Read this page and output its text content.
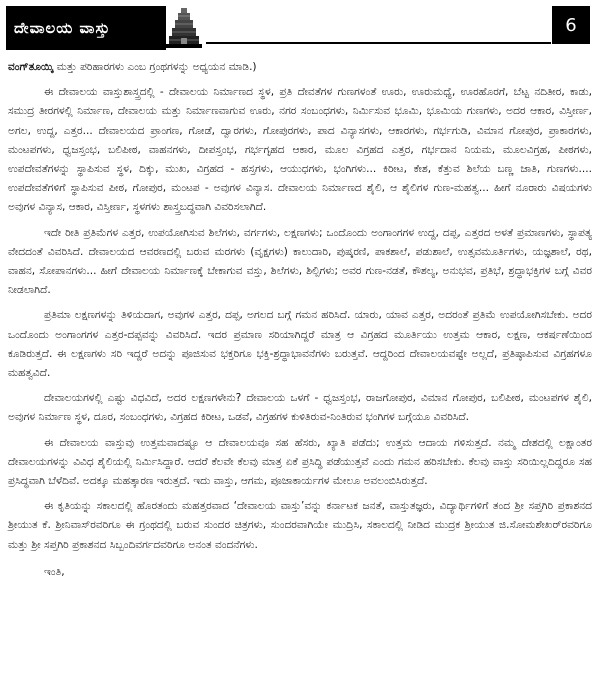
ದೇವಾಲಯ ವಾಸ್ತು	6

ವಂಗ್‌ತೂಯ್ಕಿ ಮತ್ತು ಪರಿಹಾರಗಳು ಎಂಬ ಗ್ರಂಥಗಳನ್ನು ಅಧ್ಯಯನ ಮಾಡಿ.)

ಈ ದೇವಾಲಯ ವಾಸ್ತುಶಾಸ್ತ್ರದಲ್ಲಿ - ದೇವಾಲಯ ನಿರ್ಮಾಣದ ಸ್ಥಳ, ಪ್ರತಿ ದೇವತೆಗಳ ಗುಣಗಳಂತೆ ಊರು, ಊರುಮಧ್ಯೆ, ಊರಹೊರಗೆ, ಬೆಟ್ಟ ನದಿತೀರ, ಕಾಡು, ಸಮುದ್ರ ತೀರಗಳಲ್ಲಿ ನಿರ್ಮಾಣ, ದೇವಾಲಯ ಮತ್ತು ನಿರ್ಮಾಣವಾಗುವ ಊರು, ನಗರ ಸಂಬಂಧಗಳು, ನಿರ್ಮಿಸುವ ಭೂಮಿ, ಭೂಮಿಯ ಗುಣಗಳು, ಅದರ ಆಕಾರ, ವಿಸ್ತೀರ್ಣ, ಅಗಲ, ಉದ್ದ, ಎತ್ತರ... ದೇವಾಲಯದ ಪ್ರಾಂಗಣ, ಗೋಡೆ, ದ್ವಾರಗಳು, ಗೋಪುರಗಳು, ಪಾದ ವಿನ್ಯಾಸಗಳು, ಆಕಾರಗಳು, ಗರ್ಭಗುಡಿ, ವಿಮಾನ ಗೋಪುರ, ಪ್ರಾಕಾರಗಳು, ಮಂಟಪಗಳು, ಧ್ವಜಸ್ತಂಭ, ಬಲಿಪೀಠ, ವಾಹನಗಳು, ದೀಪಸ್ತಂಭ, ಗರ್ಭಗೃಹದ ಆಕಾರ, ಮೂಲ ವಿಗ್ರಹದ ಎತ್ತರ, ಗರ್ಭದಾನ ನಿಯಮ, ಮೂಲವಿಗ್ರಹ, ಪೀಠಗಳು, ಉಪದೇವತೆಗಳನ್ನು ಸ್ಥಾಪಿಸುವ ಸ್ಥಳ, ದಿಕ್ಕು, ಮುಖ, ವಿಗ್ರಹದ - ಹಸ್ತಗಳು, ಆಯುಧಗಳು, ಭಂಗಿಗಳು... ಕಿರೀಟ, ಕೇಶ, ಕೆತ್ತುವ ಶಿಲೆಯ ಬಣ್ಣ ಜಾತಿ, ಗುಣಗಳು.... ಉಪದೇವತೆಗಳಿಗೆ ಸ್ಥಾಪಿಸುವ ಪೀಠ, ಗೋಪುರ, ಮಂಟಪ - ಅವುಗಳ ವಿನ್ಯಾಸ. ದೇವಾಲಯ ನಿರ್ಮಾಣದ ಶೈಲಿ, ಆ ಶೈಲಿಗಳ ಗುಣ-ಮಹತ್ವ... ಹೀಗೆ ನೂರಾರು ವಿಷಯಗಳು ಅವುಗಳ ವಿನ್ಯಾಸ, ಆಕಾರ, ವಿಸ್ತೀರ್ಣ, ಸ್ಥಳಗಳು ಶಾಸ್ತ್ರಬದ್ಧವಾಗಿ ವಿವರಿಸಲಾಗಿದೆ.

ಇದೇ ರೀತಿ ಪ್ರತಿಮೆಗಳ ಎತ್ತರ, ಉಪಯೋಗಿಸುವ ಶಿಲೆಗಳು, ವರ್ಗಗಳು, ಲಕ್ಷಣಗಳು; ಒಂದೊಂದು ಅಂಗಾಂಗಗಳ ಉದ್ದ, ದಪ್ಪ, ಎತ್ತರದ ಅಳತೆ ಪ್ರಮಾಣಗಳು, ಸ್ಥಾಪತ್ಯ ವೇದದಂತೆ ವಿವರಿಸಿದೆ. ದೇವಾಲಯದ ಆವರಣದಲ್ಲಿ ಬರುವ ಮರಗಳು (ವೃಕ್ಷಗಳು) ಕಾಲುದಾರಿ, ಪುಷ್ಕರಣಿ, ಪಾಕಶಾಲೆ, ಪಡುಶಾಲೆ, ಉತ್ಸವಮೂರ್ತಿಗಳು, ಯಜ್ಞಶಾಲೆ, ರಥ, ವಾಹನ, ಸೋಪಾನಗಳು... ಹೀಗೆ ದೇವಾಲಯ ನಿರ್ಮಾಣಕ್ಕೆ ಬೇಕಾಗುವ ವಸ್ತು, ಶಿಲೆಗಳು, ಶಿಲ್ಪಿಗಳು; ಅವರ ಗುಣ-ನಡತೆ, ಕೌಶಲ್ಯ, ಅನುಭವ, ಪ್ರತಿಭೆ, ಶ್ರದ್ಧಾಭಕ್ತಿಗಳ ಬಗ್ಗೆ ವಿವರ ನೀಡಲಾಗಿದೆ.

ಪ್ರತಿಮಾ ಲಕ್ಷಣಗಳನ್ನು ತಿಳಿಯದಾಗ, ಅವುಗಳ ಎತ್ತರ, ದಪ್ಪ, ಅಗಲದ ಬಗ್ಗೆ ಗಮನ ಹರಿಸಿದೆ. ಯಾರು, ಯಾವ ಎತ್ತರ, ಅದರಂತೆ ಪ್ರತಿಮೆ ಉಪಯೋಗಿಸಬೇಕು. ಅದರ ಒಂದೊಂದು ಅಂಗಾಂಗಗಳ ಎತ್ತರ-ದಪ್ಪವನ್ನು ವಿವರಿಸಿದೆ. ಇದರ ಪ್ರಮಾಣ ಸರಿಯಾಗಿದ್ದರೆ ಮಾತ್ರ ಆ ವಿಗ್ರಹದ ಮೂರ್ತಿಯು ಉತ್ತಮ ಆಕಾರ, ಲಕ್ಷಣ, ಆಕರ್ಷಣೆಯಿಂದ ಕೂಡಿರುತ್ತದೆ. ಈ ಲಕ್ಷಣಗಳು ಸರಿ ಇದ್ದರೆ ಅದನ್ನು ಪೂಜಿಸುವ ಭಕ್ತರಿಗೂ ಭಕ್ತಿ-ಶ್ರದ್ಧಾಭಾವನೆಗಳು ಬರುತ್ತವೆ. ಆದ್ದರಿಂದ ದೇವಾಲಯವಷ್ಟೇ ಅಲ್ಲದೆ, ಪ್ರತಿಷ್ಠಾಪಿಸುವ ವಿಗ್ರಹಗಳೂ ಮಹತ್ವವಿದೆ.

ದೇವಾಲಯಗಳಲ್ಲಿ ಎಷ್ಟು ವಿಧವಿದೆ, ಅದರ ಲಕ್ಷಣಗಳೇನು? ದೇವಾಲಯ ಒಳಗೆ - ಧ್ವಜಸ್ತಂಭ, ರಾಜಗೋಪುರ, ವಿಮಾನ ಗೋಪುರ, ಬಲಿಪೀಠ, ಮಂಟಪಗಳ ಶೈಲಿ, ಅವುಗಳ ನಿರ್ಮಾಣ ಸ್ಥಳ, ದೂರ, ಸಂಬಂಧಗಳು, ವಿಗ್ರಹದ ಕಿರೀಟ, ಒಡವೆ, ವಿಗ್ರಹಗಳ ಕುಳಿತಿರುವ-ನಿಂತಿರುವ ಭಂಗಿಗಳ ಬಗ್ಗೆಯೂ ವಿವರಿಸಿದೆ.

ಈ ದೇವಾಲಯ ವಾಸ್ತುವು ಉತ್ತಮವಾದಷ್ಟೂ ಆ ದೇವಾಲಯವೂ ಸಹ ಹೆಸರು, ಖ್ಯಾತಿ ಪಡೆದು; ಉತ್ತಮ ಆದಾಯ ಗಳಿಸುತ್ತದೆ. ನಮ್ಮ ದೇಶದಲ್ಲಿ ಲಕ್ಷಾಂತರ ದೇವಾಲಯಗಳನ್ನು ವಿವಿಧ ಶೈಲಿಯಲ್ಲಿ ನಿರ್ಮಿಸಿದ್ದಾರೆ. ಆದರೆ ಕೆಲವೇ ಕೆಲವು ಮಾತ್ರ ಏಕೆ ಪ್ರಸಿದ್ಧಿ ಪಡೆಯುತ್ತವೆ ಎಂದು ಗಮನ ಹರಿಸಬೇಕು. ಕೆಲವು ವಾಸ್ತು ಸರಿಯಿಲ್ಲದಿದ್ದರೂ ಸಹ ಪ್ರಸಿದ್ಧವಾಗಿ ಬೆಳೆದಿವೆ. ಅದಕ್ಕೂ ಮಹತ್ಕಾರಣ ಇರುತ್ತದೆ. ಇದು ವಾಸ್ತು, ಆಗಮ, ಪೂಜಾಕಾರ್ಯಗಳ ಮೇಲೂ ಅವಲಂಬಿಸಿರುತ್ತದೆ.

ಈ ಕೃತಿಯನ್ನು ಸಕಾಲದಲ್ಲಿ ಹೊರತಂದು ಮಹತ್ತರವಾದ ‘ದೇವಾಲಯ ವಾಸ್ತು’ವನ್ನು ಕರ್ನಾಟಕ ಜನತೆ, ವಾಸ್ತುತಜ್ಞರು, ವಿದ್ಯಾರ್ಥಿಗಳಿಗೆ ತಂದ ಶ್ರೀ ಸಪ್ತಗಿರಿ ಪ್ರಕಾಶನದ ಶ್ರೀಯುತ ಕೆ. ಶ್ರೀನಿವಾಸ್‌ರವರಿಗೂ ಈ ಗ್ರಂಥದಲ್ಲಿ ಬರುವ ಸುಂದರ ಚಿತ್ರಗಳು, ಸುಂದರವಾಗಿಯೇ ಮುದ್ರಿಸಿ, ಸಕಾಲದಲ್ಲಿ ನೀಡಿದ ಮುದ್ರಕ ಶ್ರೀಯುತ ಜಿ.ಸೋಮಶೇಖರ್‌ರವರಿಗೂ ಮತ್ತು ಶ್ರೀ ಸಪ್ತಗಿರಿ ಪ್ರಕಾಶನದ ಸಿಬ್ಬಂದಿವರ್ಗದವರಿಗೂ ಅನಂತ ವಂದನೆಗಳು.

ಇಂತಿ,
